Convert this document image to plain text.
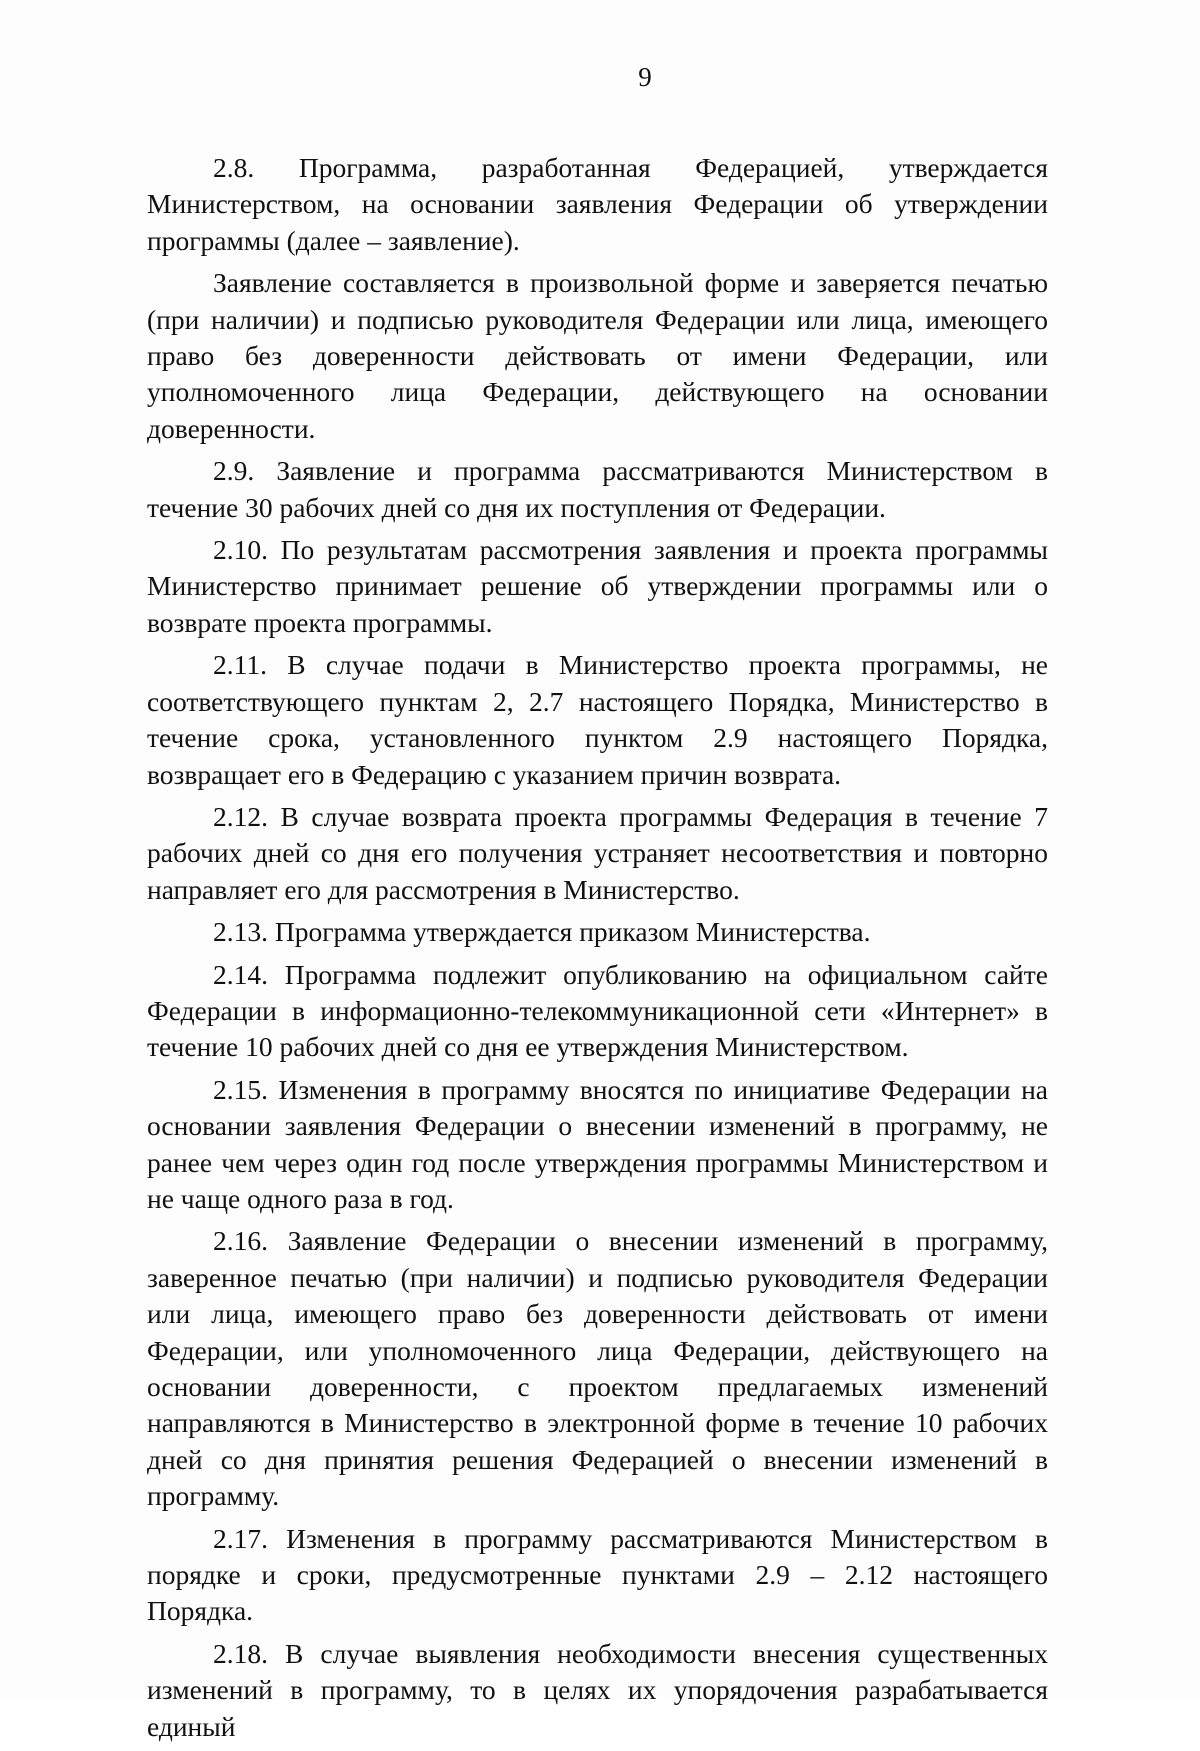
9

2.8. Программа, разработанная Федерацией, утверждается Министерством, на основании заявления Федерации об утверждении программы (далее – заявление).

Заявление составляется в произвольной форме и заверяется печатью (при наличии) и подписью руководителя Федерации или лица, имеющего право без доверенности действовать от имени Федерации, или уполномоченного лица Федерации, действующего на основании доверенности.

2.9. Заявление и программа рассматриваются Министерством в течение 30 рабочих дней со дня их поступления от Федерации.

2.10. По результатам рассмотрения заявления и проекта программы Министерство принимает решение об утверждении программы или о возврате проекта программы.

2.11. В случае подачи в Министерство проекта программы, не соответствующего пунктам 2, 2.7 настоящего Порядка, Министерство в течение срока, установленного пунктом 2.9 настоящего Порядка, возвращает его в Федерацию с указанием причин возврата.

2.12. В случае возврата проекта программы Федерация в течение 7 рабочих дней со дня его получения устраняет несоответствия и повторно направляет его для рассмотрения в Министерство.

2.13. Программа утверждается приказом Министерства.

2.14. Программа подлежит опубликованию на официальном сайте Федерации в информационно-телекоммуникационной сети «Интернет» в течение 10 рабочих дней со дня ее утверждения Министерством.

2.15. Изменения в программу вносятся по инициативе Федерации на основании заявления Федерации о внесении изменений в программу, не ранее чем через один год после утверждения программы Министерством и не чаще одного раза в год.

2.16. Заявление Федерации о внесении изменений в программу, заверенное печатью (при наличии) и подписью руководителя Федерации или лица, имеющего право без доверенности действовать от имени Федерации, или уполномоченного лица Федерации, действующего на основании доверенности, с проектом предлагаемых изменений направляются в Министерство в электронной форме в течение 10 рабочих дней со дня принятия решения Федерацией о внесении изменений в программу.

2.17. Изменения в программу рассматриваются Министерством в порядке и сроки, предусмотренные пунктами 2.9 – 2.12 настоящего Порядка.

2.18. В случае выявления необходимости внесения существенных изменений в программу, то в целях их упорядочения разрабатывается единый
